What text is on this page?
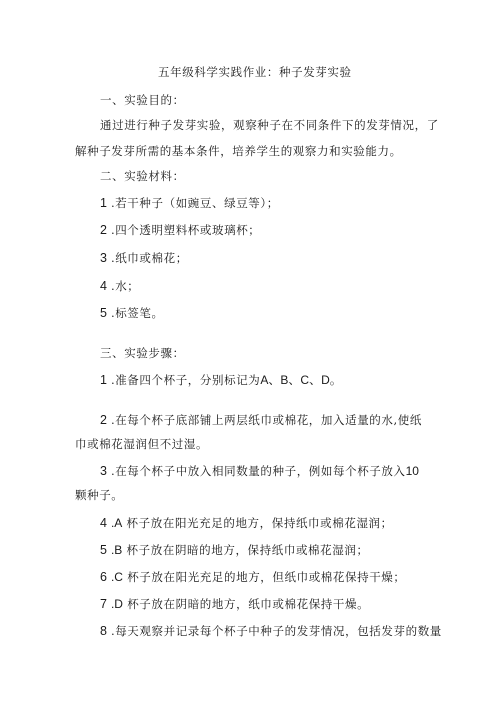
五年级科学实践作业：种子发芽实验
一、实验目的：
通过进行种子发芽实验，观察种子在不同条件下的发芽情况，了
解种子发芽所需的基本条件，培养学生的观察力和实验能力。
二、实验材料：
1 .若干种子（如豌豆、绿豆等）；
2 .四个透明塑料杯或玻璃杯；
3 .纸巾或棉花；
4 .水；
5 .标签笔。
三、实验步骤：
1 .准备四个杯子，分别标记为A、B、C、D。
2 .在每个杯子底部铺上两层纸巾或棉花，加入适量的水,使纸
巾或棉花湿润但不过湿。
3 .在每个杯子中放入相同数量的种子，例如每个杯子放入10
颗种子。
4 .A 杯子放在阳光充足的地方，保持纸巾或棉花湿润；
5 .B 杯子放在阴暗的地方，保持纸巾或棉花湿润；
6 .C 杯子放在阳光充足的地方，但纸巾或棉花保持干燥；
7 .D 杯子放在阴暗的地方，纸巾或棉花保持干燥。
8 .每天观察并记录每个杯子中种子的发芽情况，包括发芽的数量
